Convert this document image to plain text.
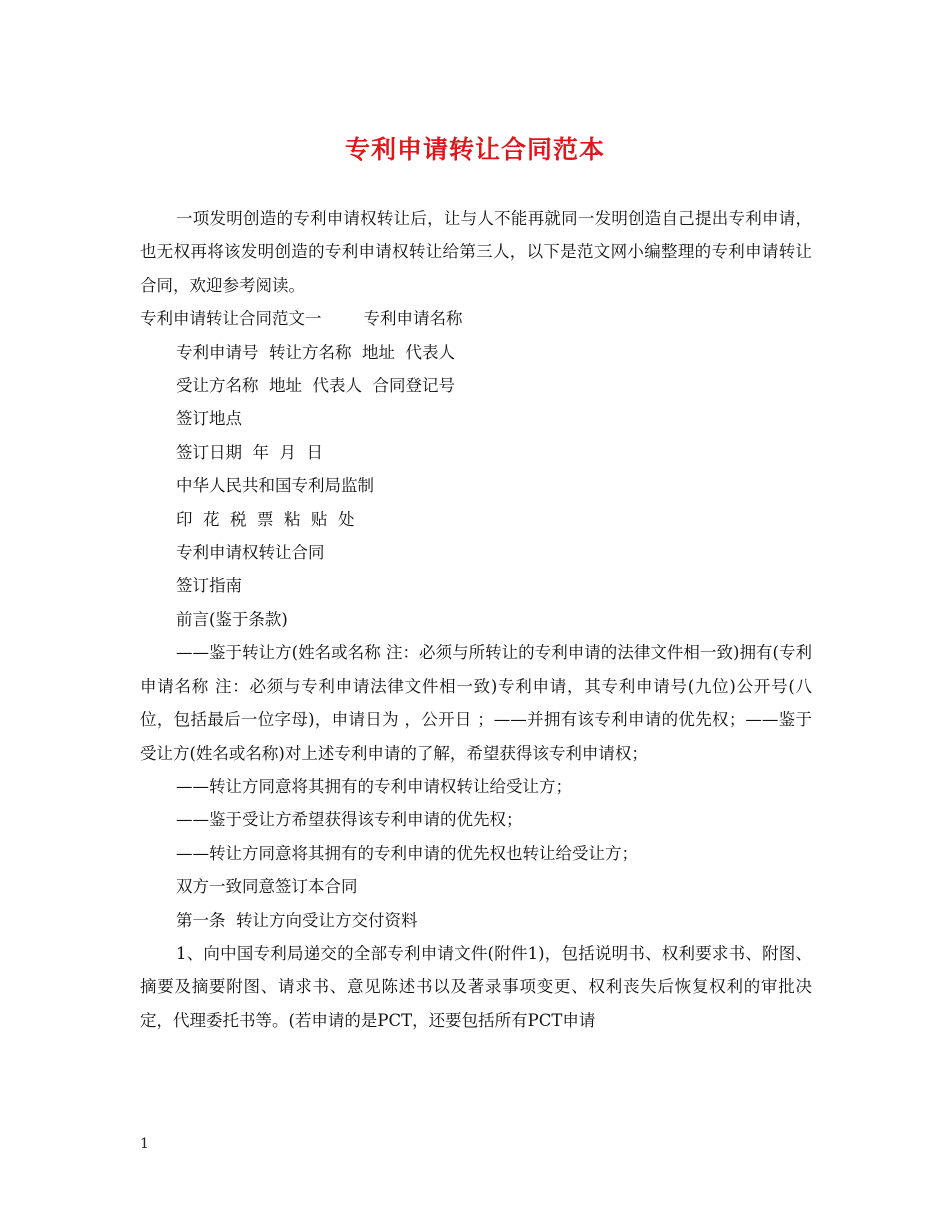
专利申请转让合同范本

一项发明创造的专利申请权转让后，让与人不能再就同一发明创造自己提出专利申请，也无权再将该发明创造的专利申请权转让给第三人，以下是范文网小编整理的专利申请转让合同，欢迎参考阅读。

专利申请转让合同范文一        专利申请名称

专利申请号  转让方名称  地址  代表人

受让方名称  地址  代表人  合同登记号

签订地点

签订日期  年  月  日

中华人民共和国专利局监制

印  花  税  票  粘  贴  处

专利申请权转让合同

签订指南

前言(鉴于条款)

——鉴于转让方(姓名或名称 注：必须与所转让的专利申请的法律文件相一致)拥有(专利申请名称 注：必须与专利申请法律文件相一致)专利申请，其专利申请号(九位)公开号(八位，包括最后一位字母)，申请日为 ，公开日 ；——并拥有该专利申请的优先权；——鉴于受让方(姓名或名称)对上述专利申请的了解，希望获得该专利申请权；

——转让方同意将其拥有的专利申请权转让给受让方；

——鉴于受让方希望获得该专利申请的优先权；

——转让方同意将其拥有的专利申请的优先权也转让给受让方；

双方一致同意签订本合同

第一条  转让方向受让方交付资料

1、向中国专利局递交的全部专利申请文件(附件1)，包括说明书、权利要求书、附图、摘要及摘要附图、请求书、意见陈述书以及著录事项变更、权利丧失后恢复权利的审批决定，代理委托书等。(若申请的是PCT，还要包括所有PCT申请

1
